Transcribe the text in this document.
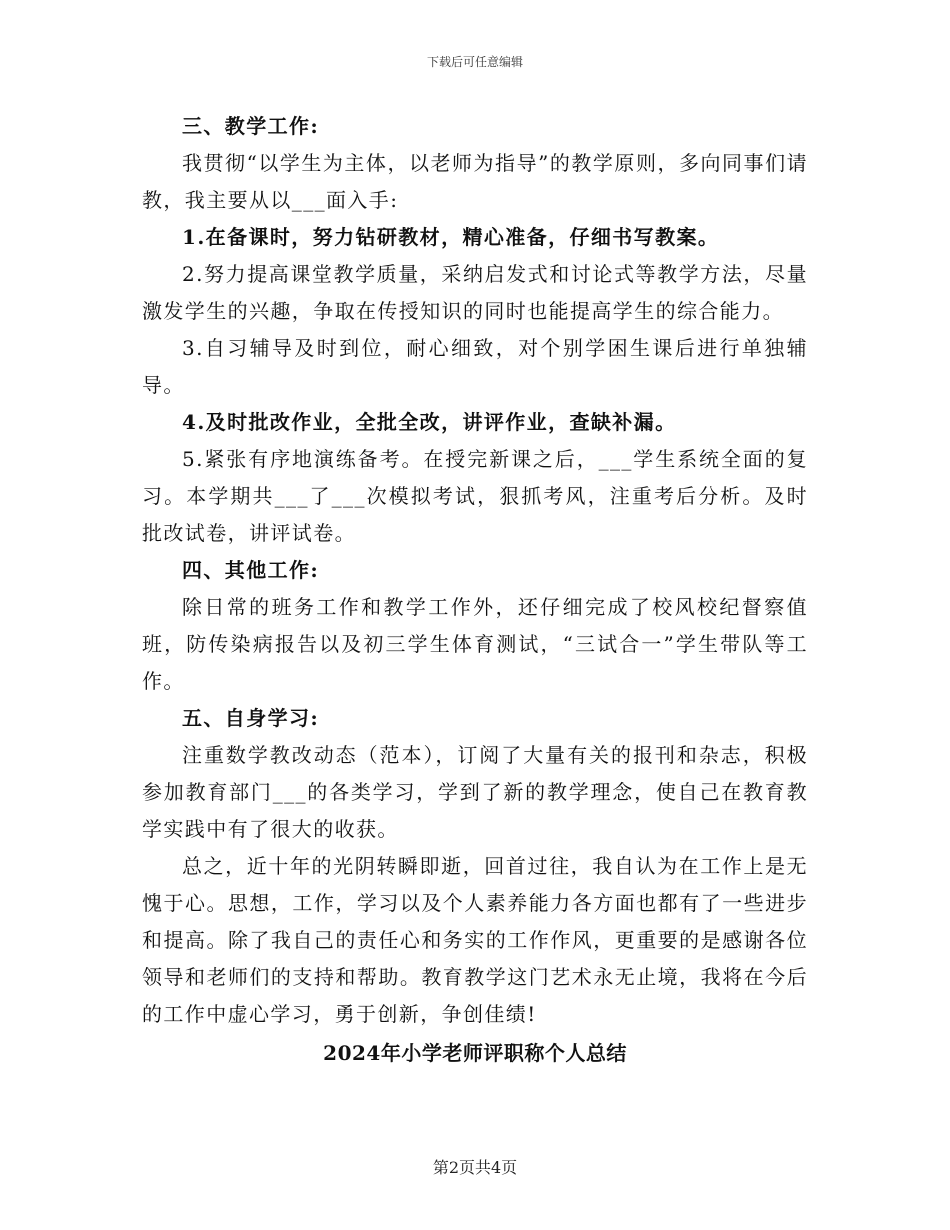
下载后可任意编辑

三、教学工作:

我贯彻“以学生为主体，以老师为指导”的教学原则，多向同事们请教，我主要从以___面入手:

1.在备课时，努力钻研教材，精心准备，仔细书写教案。

2.努力提高课堂教学质量，采纳启发式和讨论式等教学方法，尽量激发学生的兴趣，争取在传授知识的同时也能提高学生的综合能力。

3.自习辅导及时到位，耐心细致，对个别学困生课后进行单独辅导。

4.及时批改作业，全批全改，讲评作业，查缺补漏。

5.紧张有序地演练备考。在授完新课之后，___学生系统全面的复习。本学期共___了___次模拟考试，狠抓考风，注重考后分析。及时批改试卷，讲评试卷。

四、其他工作:

除日常的班务工作和教学工作外，还仔细完成了校风校纪督察值班，防传染病报告以及初三学生体育测试，“三试合一”学生带队等工作。

五、自身学习:

注重数学教改动态（范本），订阅了大量有关的报刊和杂志，积极参加教育部门___的各类学习，学到了新的教学理念，使自己在教育教学实践中有了很大的收获。

总之，近十年的光阴转瞬即逝，回首过往，我自认为在工作上是无愧于心。思想，工作，学习以及个人素养能力各方面也都有了一些进步和提高。除了我自己的责任心和务实的工作作风，更重要的是感谢各位领导和老师们的支持和帮助。教育教学这门艺术永无止境，我将在今后的工作中虚心学习，勇于创新，争创佳绩!

2024年小学老师评职称个人总结
第2页共4页
